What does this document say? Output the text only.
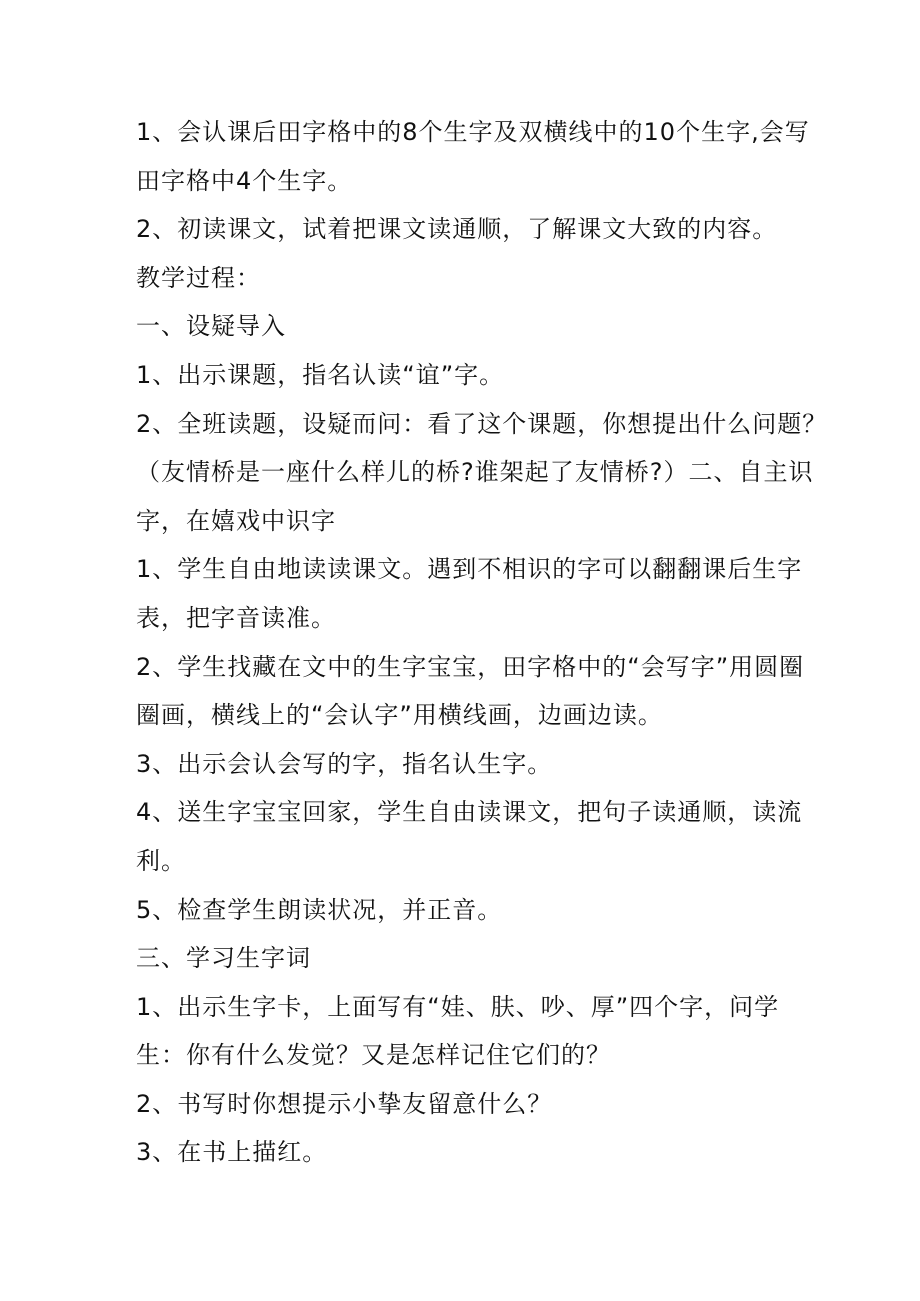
1、会认课后田字格中的8个生字及双横线中的10个生字,会写
田字格中4个生字。
2、初读课文，试着把课文读通顺，了解课文大致的内容。
教学过程：
一、设疑导入
1、出示课题，指名认读“谊”字。
2、全班读题，设疑而问：看了这个课题，你想提出什么问题？
（友情桥是一座什么样儿的桥?谁架起了友情桥?）二、自主识
字，在嬉戏中识字
1、学生自由地读读课文。遇到不相识的字可以翻翻课后生字
表，把字音读准。
2、学生找藏在文中的生字宝宝，田字格中的“会写字”用圆圈
圈画，横线上的“会认字”用横线画，边画边读。
3、出示会认会写的字，指名认生字。
4、送生字宝宝回家，学生自由读课文，把句子读通顺，读流
利。
5、检查学生朗读状况，并正音。
三、学习生字词
1、出示生字卡，上面写有“娃、肤、吵、厚”四个字，问学
生：你有什么发觉？又是怎样记住它们的？
2、书写时你想提示小挚友留意什么？
3、在书上描红。
